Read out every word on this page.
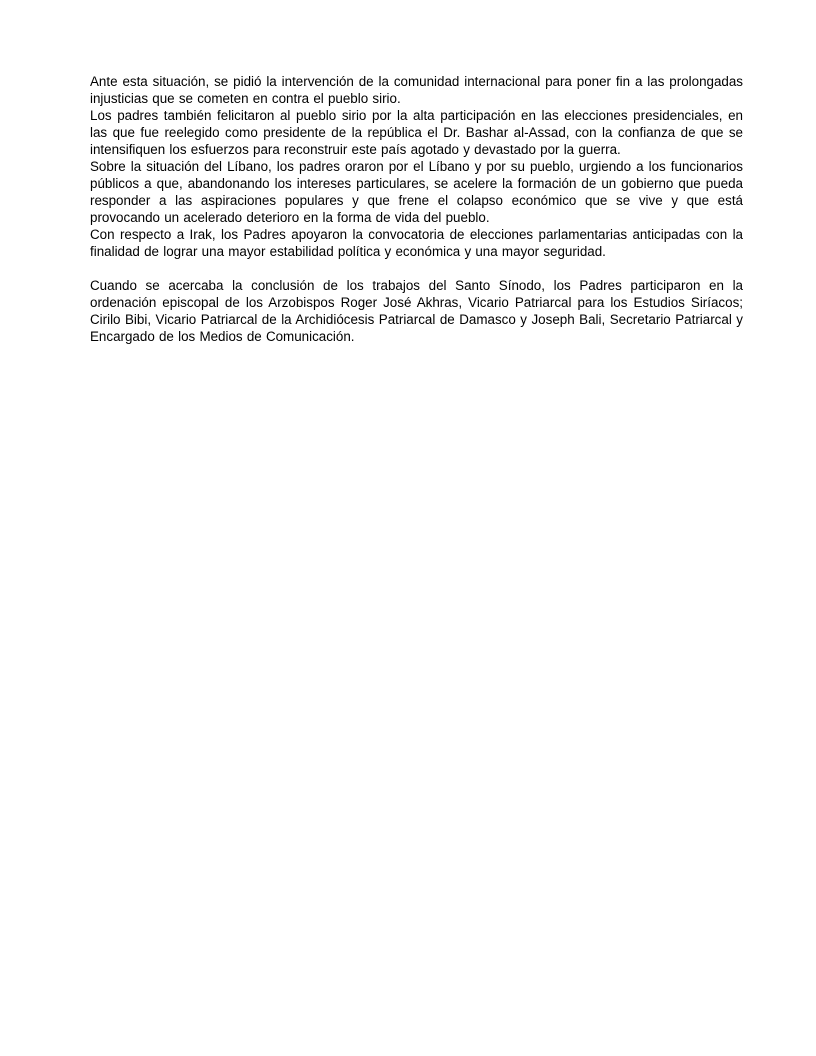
Ante esta situación, se pidió la intervención de la comunidad internacional para poner fin a las prolongadas injusticias que se cometen en contra el pueblo sirio.

Los padres también felicitaron al pueblo sirio por la alta participación en las elecciones presidenciales, en las que fue reelegido como presidente de la república el Dr. Bashar al-Assad, con la confianza de que se intensifiquen los esfuerzos para reconstruir este país agotado y devastado por la guerra.

Sobre la situación del Líbano, los padres oraron por el Líbano y por su pueblo, urgiendo a los funcionarios públicos a que, abandonando los intereses particulares, se acelere la formación de un gobierno que pueda responder a las aspiraciones populares y que frene el colapso económico que se vive y que está provocando un acelerado deterioro en la forma de vida del pueblo.

Con respecto a Irak, los Padres apoyaron la convocatoria de elecciones parlamentarias anticipadas con la finalidad de lograr una mayor estabilidad política y económica y una mayor seguridad.

Cuando se acercaba la conclusión de los trabajos del Santo Sínodo, los Padres participaron en la ordenación episcopal de los Arzobispos Roger José Akhras, Vicario Patriarcal para los Estudios Siríacos; Cirilo Bibi, Vicario Patriarcal de la Archidiócesis Patriarcal de Damasco y Joseph Bali, Secretario Patriarcal y Encargado de los Medios de Comunicación.
